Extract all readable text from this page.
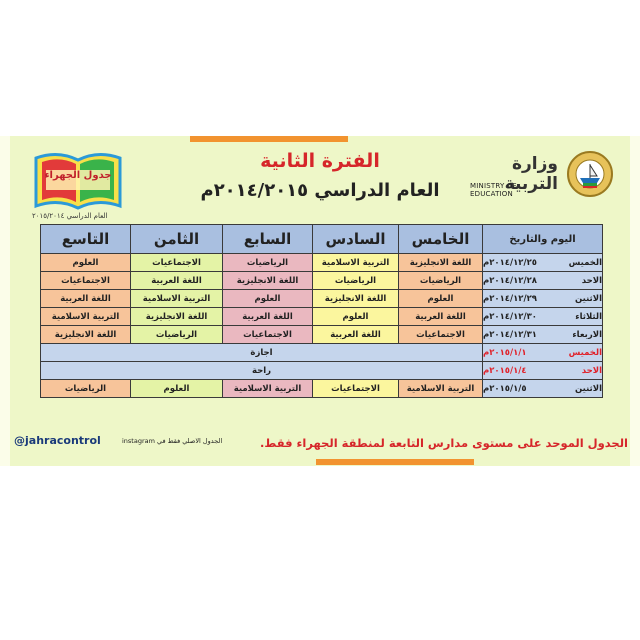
جدول الجهراء
العام الدراسي ٢٠١٥/٢٠١٤
الفترة الثانية
العام الدراسي ٢٠١٤/٢٠١٥م
وزارة التربية
MINISTRY OF EDUCATION
اليوم والتاريخ	الخامس	السادس	السابع	الثامن	التاسع

الخميس
٢٠١٤/١٢/٢٥م	اللغة الانجليزية	التربية الاسلامية	الرياضيات	الاجتماعيات	العلوم

الاحد
٢٠١٤/١٢/٢٨م	الرياضيات	الرياضيات	اللغة الانجليزية	اللغة العربية	الاجتماعيات

الاثنين
٢٠١٤/١٢/٢٩م	العلوم	اللغة الانجليزية	العلوم	التربية الاسلامية	اللغة العربية

الثلاثاء
٢٠١٤/١٢/٣٠م	اللغة العربية	العلوم	اللغة العربية	اللغة الانجليزية	التربية الاسلامية

الاربعاء
٢٠١٤/١٢/٣١م	الاجتماعيات	اللغة العربية	الاجتماعيات	الرياضيات	اللغة الانجليزية

الخميس
٢٠١٥/١/١م	اجازة				

الاحد
٢٠١٥/١/٤م	راحة				

الاثنين
٢٠١٥/١/٥م	التربية الاسلامية	الاجتماعيات	التربية الاسلامية	العلوم	الرياضيات
الجدول الموحد على مستوى مدارس التابعة لمنطقة الجهراء فقط.
@jahracontrol	الجدول الاصلي فقط في instagram
